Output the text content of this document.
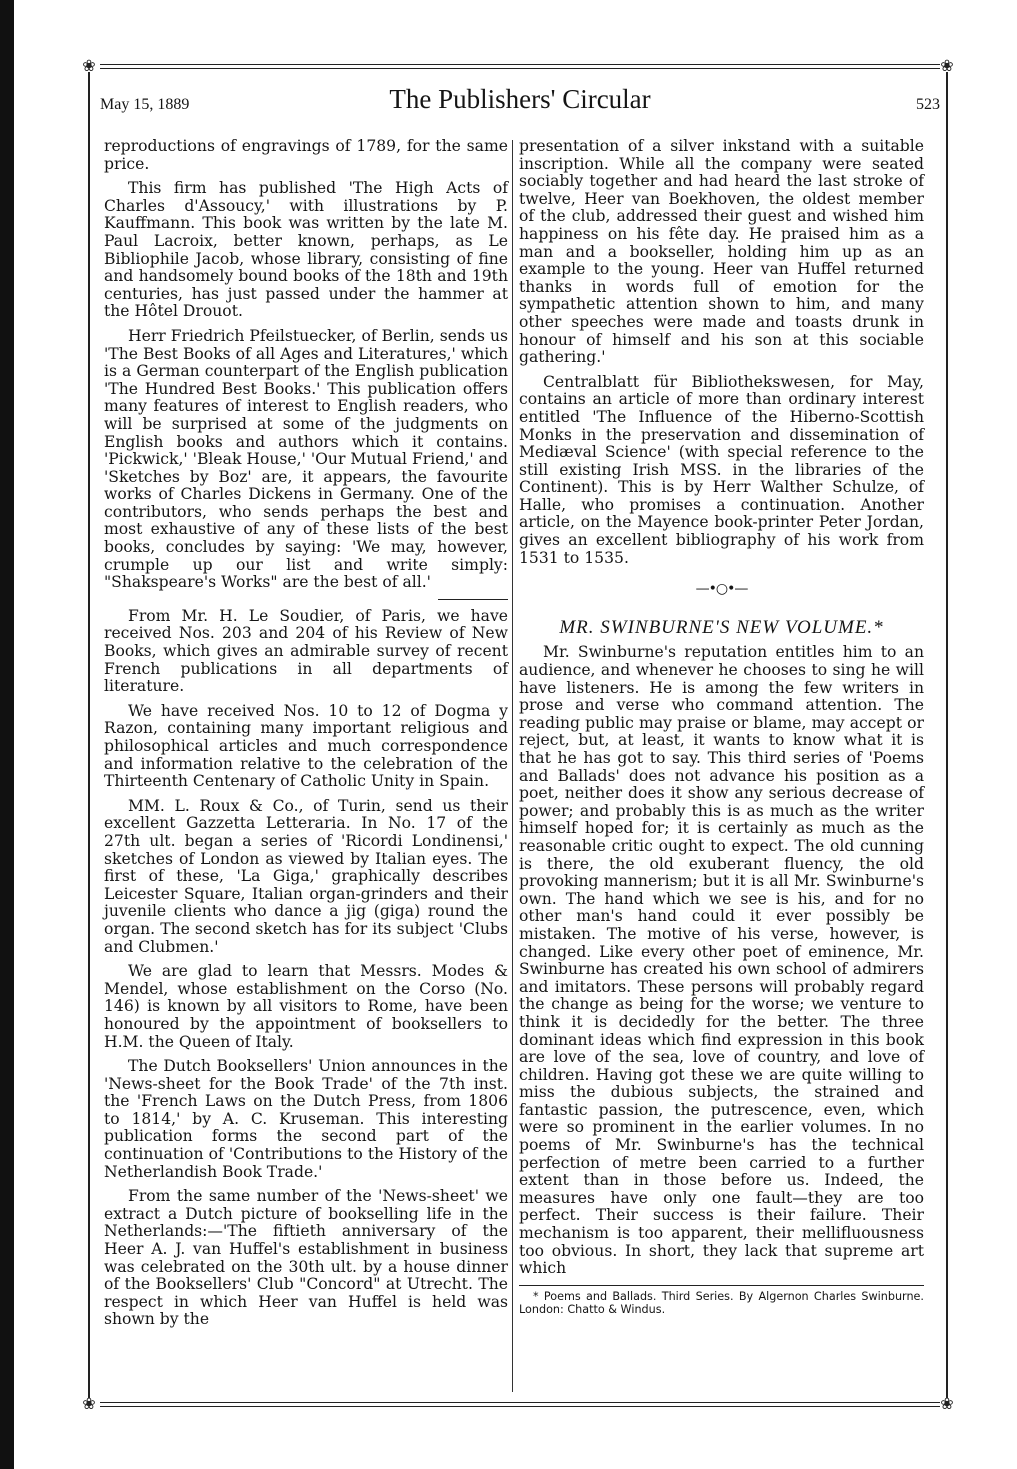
❀	❀
❀	❀
May 15, 1889	The Publishers' Circular	523

reproductions of engravings of 1789, for the same price.

This firm has published 'The High Acts of Charles d'Assoucy,' with illustrations by P. Kauffmann. This book was written by the late M. Paul Lacroix, better known, perhaps, as Le Bibliophile Jacob, whose library, consisting of fine and handsomely bound books of the 18th and 19th centuries, has just passed under the hammer at the Hôtel Drouot.

Herr Friedrich Pfeilstuecker, of Berlin, sends us 'The Best Books of all Ages and Literatures,' which is a German counterpart of the English publication 'The Hundred Best Books.' This publication offers many features of interest to English readers, who will be surprised at some of the judgments on English books and authors which it contains. 'Pickwick,' 'Bleak House,' 'Our Mutual Friend,' and 'Sketches by Boz' are, it appears, the favourite works of Charles Dickens in Germany. One of the contributors, who sends perhaps the best and most exhaustive of any of these lists of the best books, concludes by saying: 'We may, however, crumple up our list and write simply: "Shakspeare's Works" are the best of all.'

From Mr. H. Le Soudier, of Paris, we have received Nos. 203 and 204 of his Review of New Books, which gives an admirable survey of recent French publications in all departments of literature.

We have received Nos. 10 to 12 of Dogma y Razon, containing many important religious and philosophical articles and much correspondence and information relative to the celebration of the Thirteenth Centenary of Catholic Unity in Spain.

MM. L. Roux & Co., of Turin, send us their excellent Gazzetta Letteraria. In No. 17 of the 27th ult. began a series of 'Ricordi Londinensi,' sketches of London as viewed by Italian eyes. The first of these, 'La Giga,' graphically describes Leicester Square, Italian organ-grinders and their juvenile clients who dance a jig (giga) round the organ. The second sketch has for its subject 'Clubs and Clubmen.'

We are glad to learn that Messrs. Modes & Mendel, whose establishment on the Corso (No. 146) is known by all visitors to Rome, have been honoured by the appointment of booksellers to H.M. the Queen of Italy.

The Dutch Booksellers' Union announces in the 'News-sheet for the Book Trade' of the 7th inst. the 'French Laws on the Dutch Press, from 1806 to 1814,' by A. C. Kruseman. This interesting publication forms the second part of the continuation of 'Contributions to the History of the Netherlandish Book Trade.'

From the same number of the 'News-sheet' we extract a Dutch picture of bookselling life in the Netherlands:—'The fiftieth anniversary of the Heer A. J. van Huffel's establishment in business was celebrated on the 30th ult. by a house dinner of the Booksellers' Club "Concord" at Utrecht. The respect in which Heer van Huffel is held was shown by the

presentation of a silver inkstand with a suitable inscription. While all the company were seated sociably together and had heard the last stroke of twelve, Heer van Boekhoven, the oldest member of the club, addressed their guest and wished him happiness on his fête day. He praised him as a man and a bookseller, holding him up as an example to the young. Heer van Huffel returned thanks in words full of emotion for the sympathetic attention shown to him, and many other speeches were made and toasts drunk in honour of himself and his son at this sociable gathering.'

Centralblatt für Bibliothekswesen, for May, contains an article of more than ordinary interest entitled 'The Influence of the Hiberno-Scottish Monks in the preservation and dissemination of Mediæval Science' (with special reference to the still existing Irish MSS. in the libraries of the Continent). This is by Herr Walther Schulze, of Halle, who promises a continuation. Another article, on the Mayence book-printer Peter Jordan, gives an excellent bibliography of his work from 1531 to 1535.

—•○•—
MR. SWINBURNE'S NEW VOLUME.*

Mr. Swinburne's reputation entitles him to an audience, and whenever he chooses to sing he will have listeners. He is among the few writers in prose and verse who command attention. The reading public may praise or blame, may accept or reject, but, at least, it wants to know what it is that he has got to say. This third series of 'Poems and Ballads' does not advance his position as a poet, neither does it show any serious decrease of power; and probably this is as much as the writer himself hoped for; it is certainly as much as the reasonable critic ought to expect. The old cunning is there, the old exuberant fluency, the old provoking mannerism; but it is all Mr. Swinburne's own. The hand which we see is his, and for no other man's hand could it ever possibly be mistaken. The motive of his verse, however, is changed. Like every other poet of eminence, Mr. Swinburne has created his own school of admirers and imitators. These persons will probably regard the change as being for the worse; we venture to think it is decidedly for the better. The three dominant ideas which find expression in this book are love of the sea, love of country, and love of children. Having got these we are quite willing to miss the dubious subjects, the strained and fantastic passion, the putrescence, even, which were so prominent in the earlier volumes. In no poems of Mr. Swinburne's has the technical perfection of metre been carried to a further extent than in those before us. Indeed, the measures have only one fault—they are too perfect. Their success is their failure. Their mechanism is too apparent, their mellifluousness too obvious. In short, they lack that supreme art which

* Poems and Ballads. Third Series. By Algernon Charles Swinburne. London: Chatto & Windus.
